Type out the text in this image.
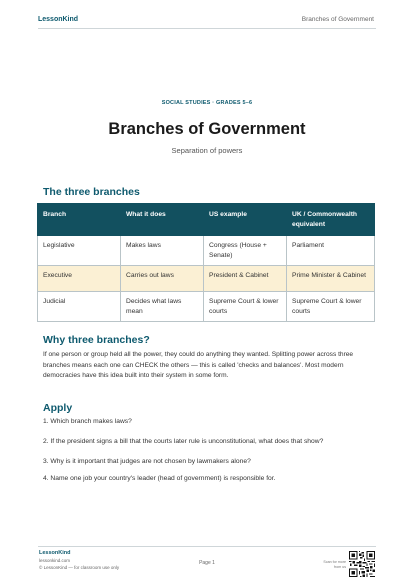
LessonKind	Branches of Government
SOCIAL STUDIES · GRADES 5–6
Branches of Government
Separation of powers
The three branches
Branch	What it does	US example	UK / Commonwealth equivalent
Legislative	Makes laws	Congress (House + Senate)	Parliament
Executive	Carries out laws	President & Cabinet	Prime Minister & Cabinet
Judicial	Decides what laws mean	Supreme Court & lower courts	Supreme Court & lower courts
Why three branches?
If one person or group held all the power, they could do anything they wanted. Splitting power across three branches means each one can CHECK the others — this is called 'checks and balances'. Most modern democracies have this idea built into their system in some form.
Apply
1. Which branch makes laws?
2. If the president signs a bill that the courts later rule is unconstitutional, what does that show?
3. Why is it important that judges are not chosen by lawmakers alone?
4. Name one job your country's leader (head of government) is responsible for.
LessonKind
lessonkind.com
© LessonKind — for classroom use only
Page 1	Scan for more from us
